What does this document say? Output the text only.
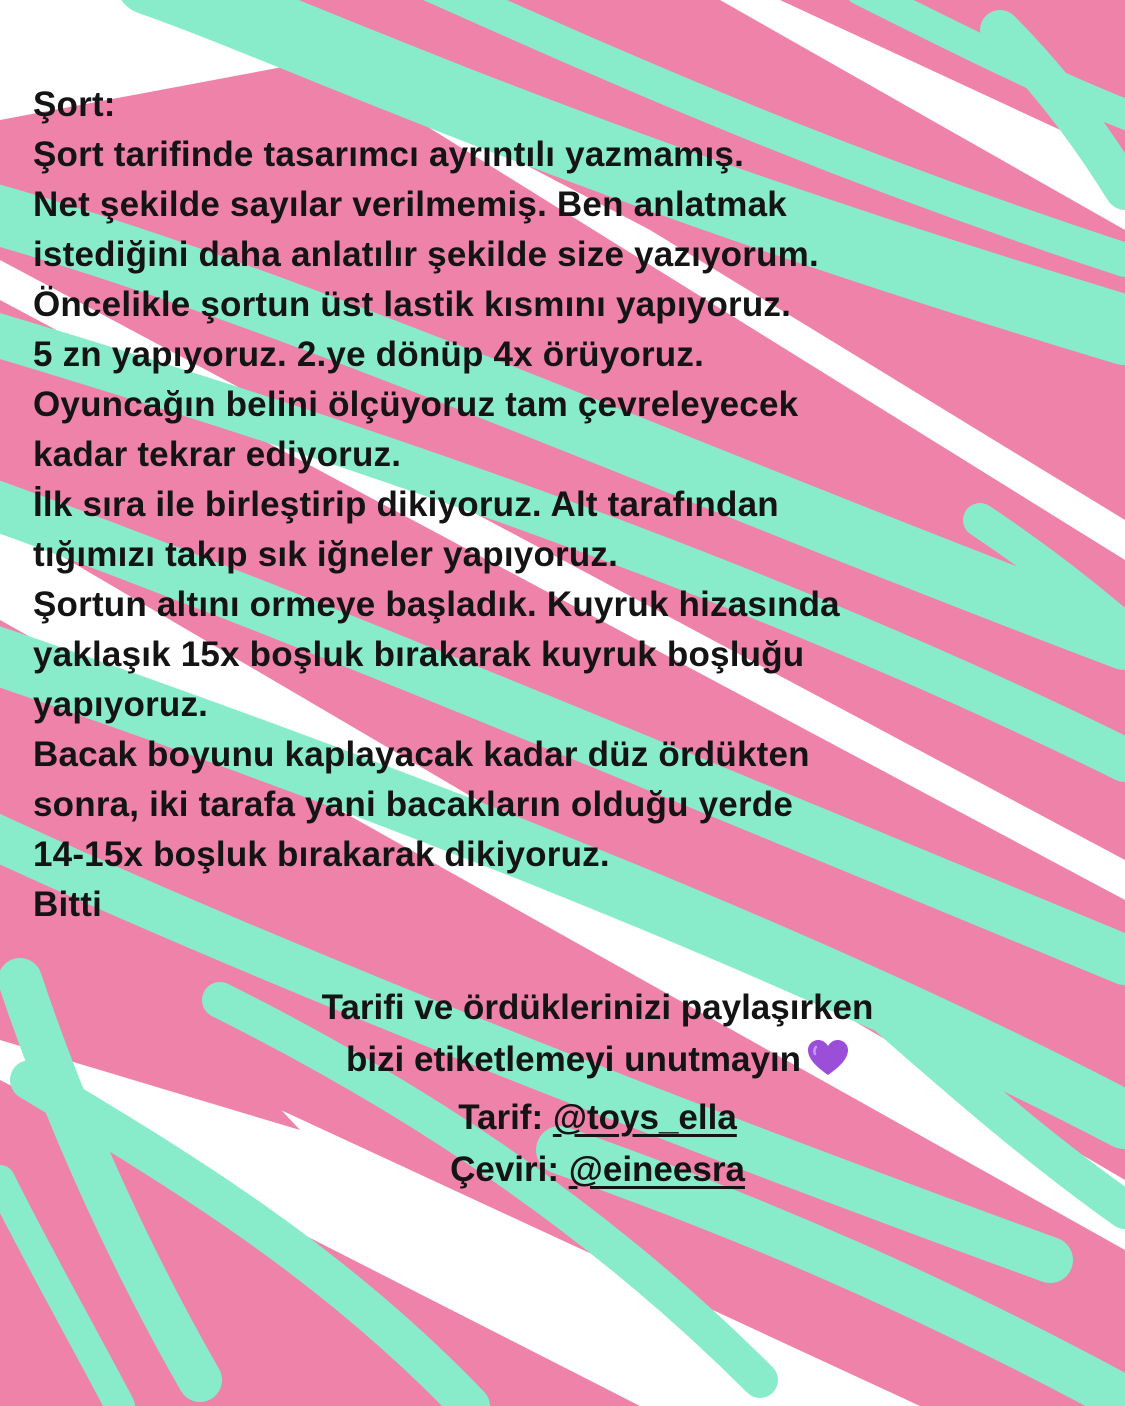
Şort:
Şort tarifinde tasarımcı ayrıntılı yazmamış.
Net şekilde sayılar verilmemiş. Ben anlatmak
istediğini daha anlatılır şekilde size yazıyorum.
Öncelikle şortun üst lastik kısmını yapıyoruz.
5 zn yapıyoruz. 2.ye dönüp 4x örüyoruz.
Oyuncağın belini ölçüyoruz tam çevreleyecek
kadar tekrar ediyoruz.
İlk sıra ile birleştirip dikiyoruz. Alt tarafından
tığımızı takıp sık iğneler yapıyoruz.
Şortun altını ormeye başladık. Kuyruk hizasında
yaklaşık 15x boşluk bırakarak kuyruk boşluğu
yapıyoruz.
Bacak boyunu kaplayacak kadar düz ördükten
sonra, iki tarafa yani bacakların olduğu yerde
14-15x boşluk bırakarak dikiyoruz.
Bitti
Tarifi ve ördüklerinizi paylaşırken
bizi etiketlemeyi unutmayın
Tarif: @toys_ella
Çeviri: @eineesra
